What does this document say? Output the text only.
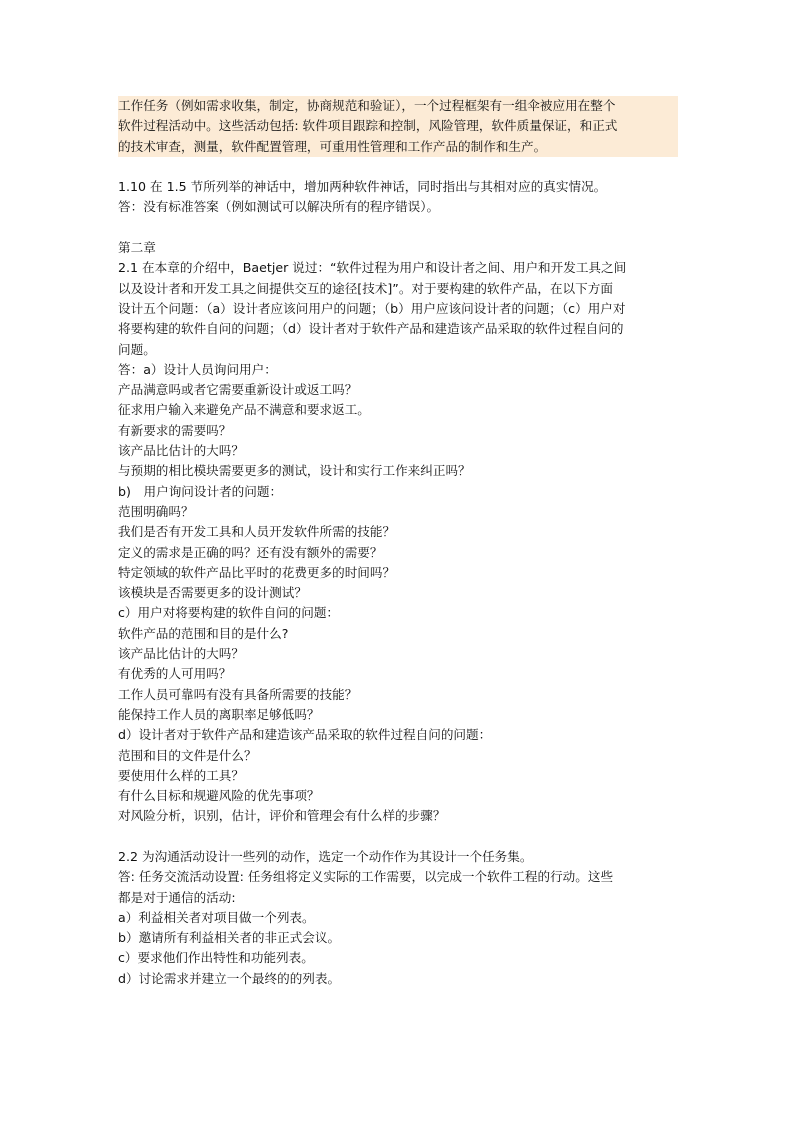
工作任务（例如需求收集，制定，协商规范和验证），一个过程框架有一组伞被应用在整个
软件过程活动中。这些活动包括: 软件项目跟踪和控制，风险管理，软件质量保证，和正式
的技术审查，测量，软件配置管理，可重用性管理和工作产品的制作和生产。
1.10 在 1.5 节所列举的神话中，增加两种软件神话，同时指出与其相对应的真实情况。
答：没有标准答案（例如测试可以解决所有的程序错误）。
第二章
2.1 在本章的介绍中，Baetjer 说过：“软件过程为用户和设计者之间、用户和开发工具之间
以及设计者和开发工具之间提供交互的途径[技术]”。对于要构建的软件产品，在以下方面
设计五个问题：（a）设计者应该问用户的问题；（b）用户应该问设计者的问题；（c）用户对
将要构建的软件自问的问题；（d）设计者对于软件产品和建造该产品采取的软件过程自问的
问题。
答：a）设计人员询问用户：
产品满意吗或者它需要重新设计或返工吗？
征求用户输入来避免产品不满意和要求返工。
有新要求的需要吗？
该产品比估计的大吗？
与预期的相比模块需要更多的测试，设计和实行工作来纠正吗？
b)　用户询问设计者的问题：
范围明确吗？
我们是否有开发工具和人员开发软件所需的技能？
定义的需求是正确的吗？还有没有额外的需要？
特定领域的软件产品比平时的花费更多的时间吗？
该模块是否需要更多的设计测试？
c）用户对将要构建的软件自问的问题：
软件产品的范围和目的是什么?
该产品比估计的大吗？
有优秀的人可用吗？
工作人员可靠吗有没有具备所需要的技能？
能保持工作人员的离职率足够低吗？
d）设计者对于软件产品和建造该产品采取的软件过程自问的问题：
范围和目的文件是什么？
要使用什么样的工具？
有什么目标和规避风险的优先事项？
对风险分析，识别，估计，评价和管理会有什么样的步骤？
2.2 为沟通活动设计一些列的动作，选定一个动作作为其设计一个任务集。
答: 任务交流活动设置: 任务组将定义实际的工作需要，以完成一个软件工程的行动。这些
都是对于通信的活动:
a）利益相关者对项目做一个列表。
b）邀请所有利益相关者的非正式会议。
c）要求他们作出特性和功能列表。
d）讨论需求并建立一个最终的的列表。
